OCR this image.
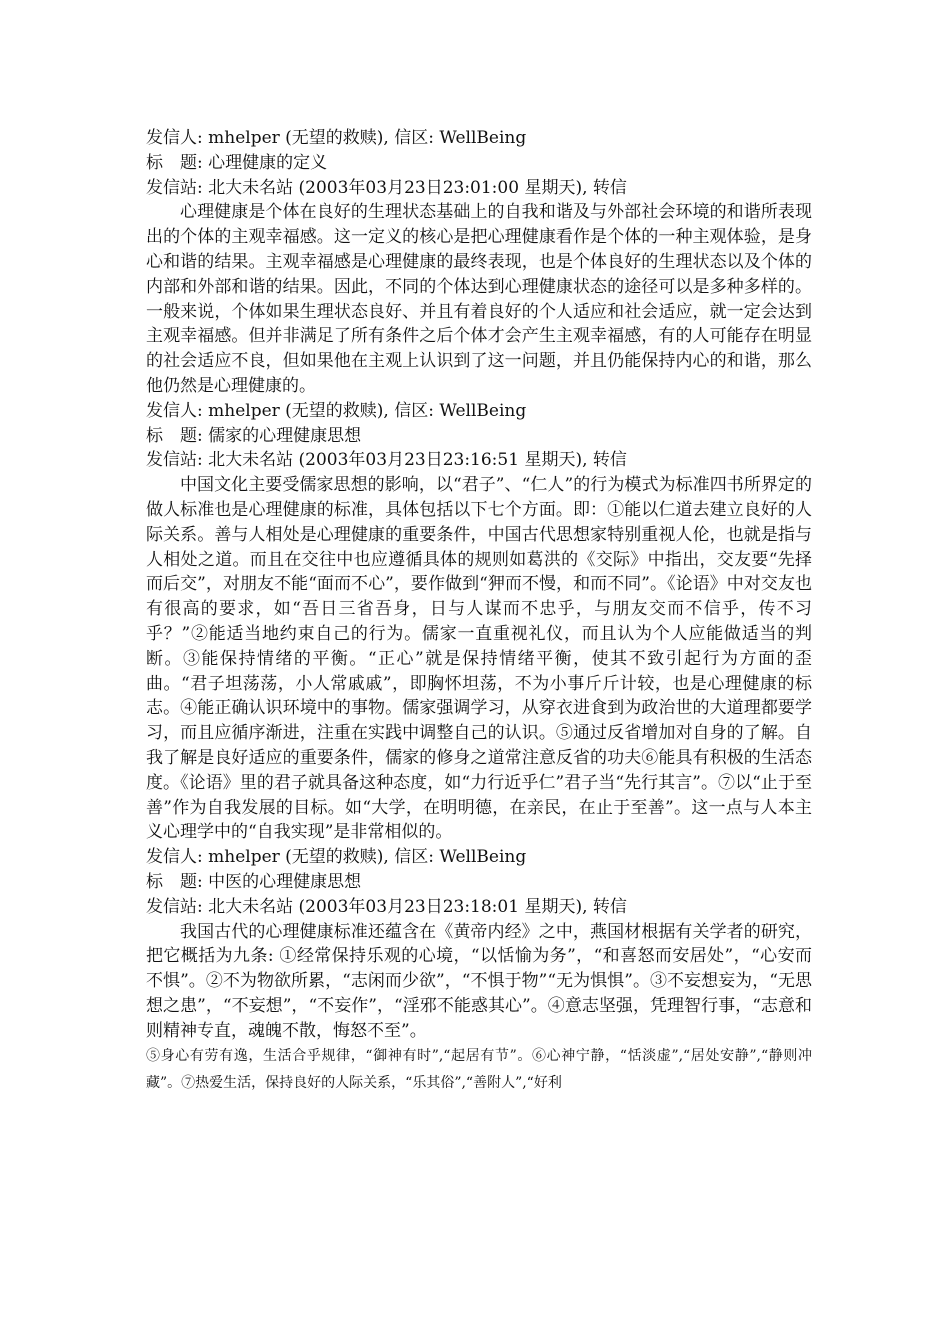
发信人: mhelper (无望的救赎), 信区: WellBeing
标　题: 心理健康的定义
发信站: 北大未名站 (2003年03月23日23:01:00 星期天), 转信

心理健康是个体在良好的生理状态基础上的自我和谐及与外部社会环境的和谐所表现出的个体的主观幸福感。这一定义的核心是把心理健康看作是个体的一种主观体验，是身心和谐的结果。主观幸福感是心理健康的最终表现，也是个体良好的生理状态以及个体的内部和外部和谐的结果。因此，不同的个体达到心理健康状态的途径可以是多种多样的。一般来说，个体如果生理状态良好、并且有着良好的个人适应和社会适应，就一定会达到主观幸福感。但并非满足了所有条件之后个体才会产生主观幸福感，有的人可能存在明显的社会适应不良，但如果他在主观上认识到了这一问题，并且仍能保持内心的和谐，那么他仍然是心理健康的。

发信人: mhelper (无望的救赎), 信区: WellBeing
标　题: 儒家的心理健康思想
发信站: 北大未名站 (2003年03月23日23:16:51 星期天), 转信

中国文化主要受儒家思想的影响，以“君子”、“仁人”的行为模式为标准四书所界定的做人标准也是心理健康的标准，具体包括以下七个方面。即：①能以仁道去建立良好的人际关系。善与人相处是心理健康的重要条件，中国古代思想家特别重视人伦，也就是指与人相处之道。而且在交往中也应遵循具体的规则如葛洪的《交际》中指出，交友要“先择而后交”，对朋友不能“面而不心”，要作做到“狎而不慢，和而不同”。《论语》中对交友也有很高的要求，如“吾日三省吾身，日与人谋而不忠乎，与朋友交而不信乎，传不习乎？”②能适当地约束自己的行为。儒家一直重视礼仪，而且认为个人应能做适当的判断。③能保持情绪的平衡。“正心”就是保持情绪平衡，使其不致引起行为方面的歪曲。“君子坦荡荡，小人常戚戚”，即胸怀坦荡，不为小事斤斤计较，也是心理健康的标志。④能正确认识环境中的事物。儒家强调学习，从穿衣进食到为政治世的大道理都要学习，而且应循序渐进，注重在实践中调整自己的认识。⑤通过反省增加对自身的了解。自我了解是良好适应的重要条件，儒家的修身之道常注意反省的功夫⑥能具有积极的生活态度。《论语》里的君子就具备这种态度，如“力行近乎仁”君子当“先行其言”。⑦以“止于至善”作为自我发展的目标。如“大学，在明明德，在亲民，在止于至善”。这一点与人本主义心理学中的“自我实现”是非常相似的。

发信人: mhelper (无望的救赎), 信区: WellBeing
标　题: 中医的心理健康思想
发信站: 北大未名站 (2003年03月23日23:18:01 星期天), 转信

我国古代的心理健康标准还蕴含在《黄帝内经》之中，燕国材根据有关学者的研究，把它概括为九条: ①经常保持乐观的心境，“以恬愉为务”，“和喜怒而安居处”，“心安而不惧”。②不为物欲所累，“志闲而少欲”，“不惧于物”“无为惧惧”。③不妄想妄为，“无思想之患”，“不妄想”，“不妄作”，“淫邪不能惑其心”。④意志坚强，凭理智行事，“志意和则精神专直，魂魄不散，悔怒不至”。

⑤身心有劳有逸，生活合乎规律，“御神有时”,“起居有节”。⑥心神宁静，“恬淡虚”,“居处安静”,“静则冲藏”。⑦热爱生活，保持良好的人际关系，“乐其俗”,“善附人”,“好利
